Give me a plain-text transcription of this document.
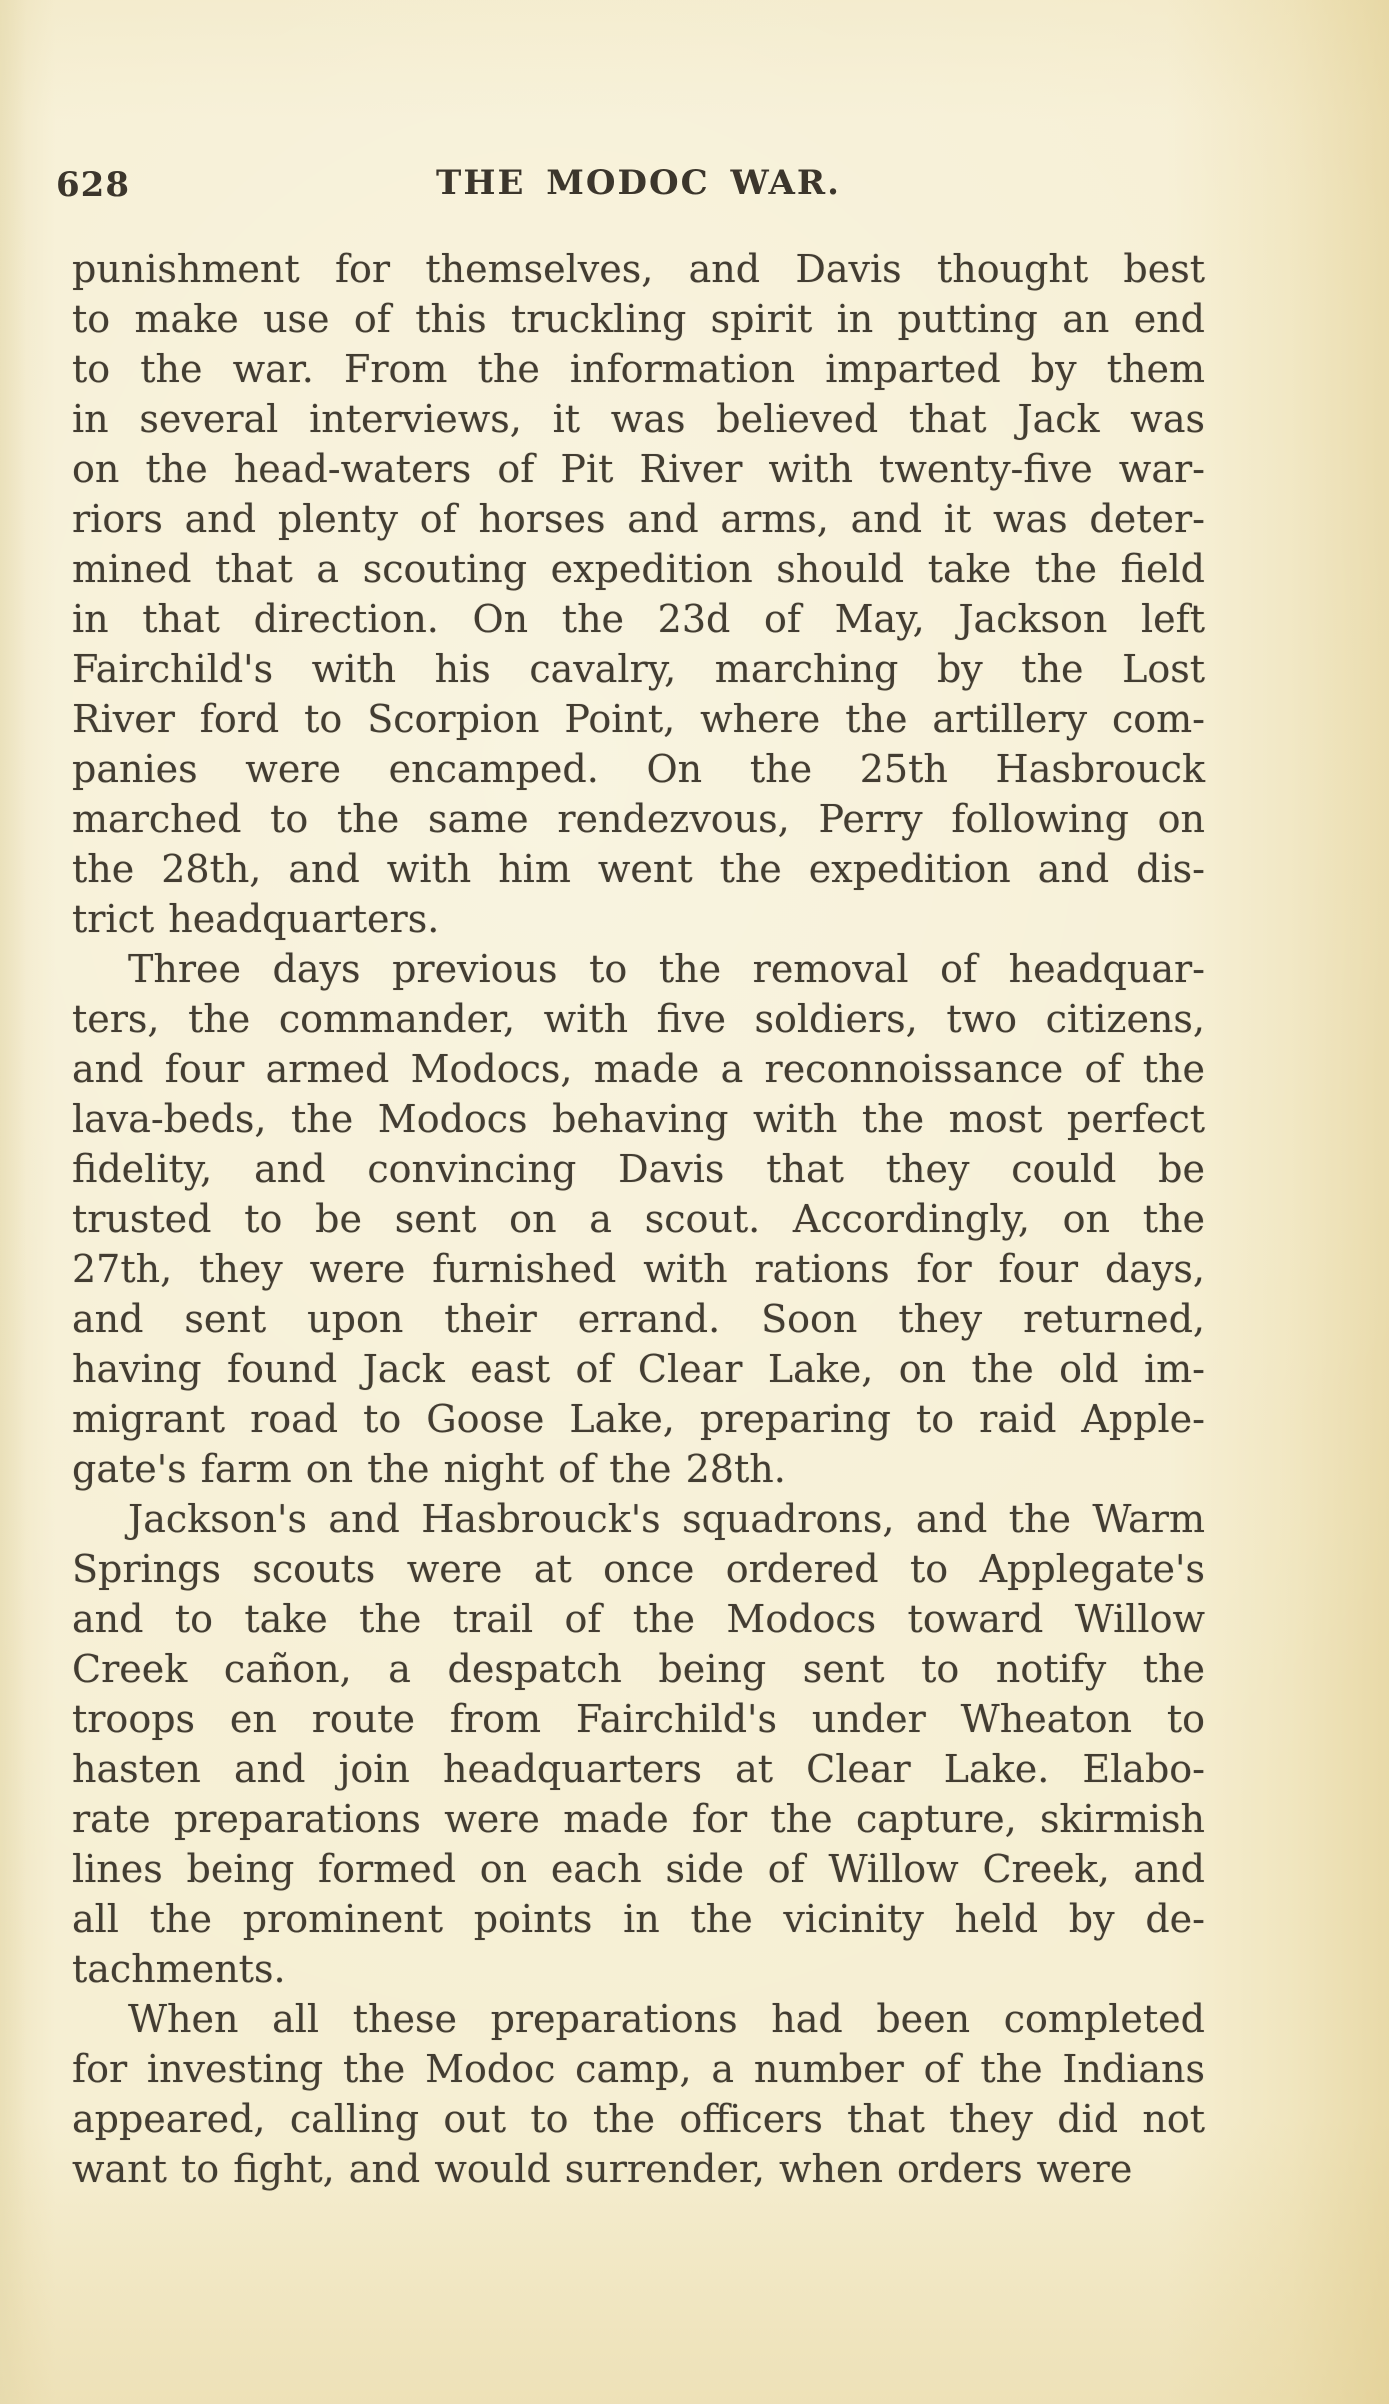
628	THE MODOC WAR.
punishment for themselves, and Davis thought best
to make use of this truckling spirit in putting an end
to the war. From the information imparted by them
in several interviews, it was believed that Jack was
on the head-waters of Pit River with twenty-five war-
riors and plenty of horses and arms, and it was deter-
mined that a scouting expedition should take the field
in that direction. On the 23d of May, Jackson left
Fairchild's with his cavalry, marching by the Lost
River ford to Scorpion Point, where the artillery com-
panies were encamped. On the 25th Hasbrouck
marched to the same rendezvous, Perry following on
the 28th, and with him went the expedition and dis-
trict headquarters.
Three days previous to the removal of headquar-
ters, the commander, with five soldiers, two citizens,
and four armed Modocs, made a reconnoissance of the
lava-beds, the Modocs behaving with the most perfect
fidelity, and convincing Davis that they could be
trusted to be sent on a scout. Accordingly, on the
27th, they were furnished with rations for four days,
and sent upon their errand. Soon they returned,
having found Jack east of Clear Lake, on the old im-
migrant road to Goose Lake, preparing to raid Apple-
gate's farm on the night of the 28th.
Jackson's and Hasbrouck's squadrons, and the Warm
Springs scouts were at once ordered to Applegate's
and to take the trail of the Modocs toward Willow
Creek cañon, a despatch being sent to notify the
troops en route from Fairchild's under Wheaton to
hasten and join headquarters at Clear Lake. Elabo-
rate preparations were made for the capture, skirmish
lines being formed on each side of Willow Creek, and
all the prominent points in the vicinity held by de-
tachments.
When all these preparations had been completed
for investing the Modoc camp, a number of the Indians
appeared, calling out to the officers that they did not
want to fight, and would surrender, when orders were
